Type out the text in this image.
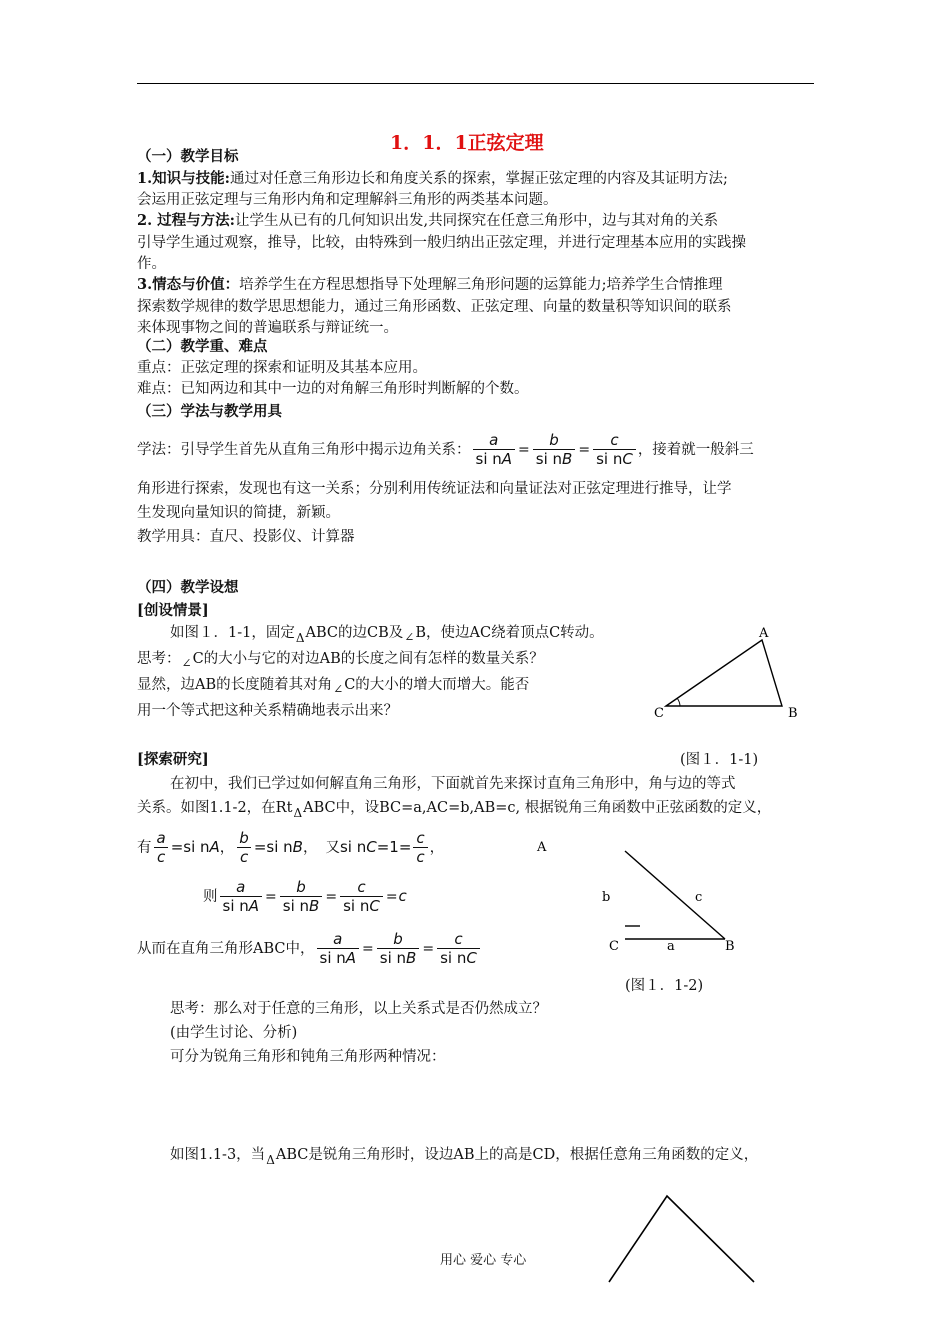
1．1．1正弦定理
（一）教学目标
1.知识与技能:通过对任意三角形边长和角度关系的探索，掌握正弦定理的内容及其证明方法;
会运用正弦定理与三角形内角和定理解斜三角形的两类基本问题。
2. 过程与方法:让学生从已有的几何知识出发,共同探究在任意三角形中，边与其对角的关系
引导学生通过观察，推导，比较，由特殊到一般归纳出正弦定理，并进行定理基本应用的实践操
作。
3.情态与价值：培养学生在方程思想指导下处理解三角形问题的运算能力;培养学生合情推理
探索数学规律的数学思思想能力，通过三角形函数、正弦定理、向量的数量积等知识间的联系
来体现事物之间的普遍联系与辩证统一。
（二）教学重、难点
重点：正弦定理的探索和证明及其基本应用。
难点：已知两边和其中一边的对角解三角形时判断解的个数。
（三）学法与教学用具
学法：引导学生首先从直角三角形中揭示边角关系： $\frac{a}{\text{si nA}} = \frac{b}{\text{si nB}} = \frac{c}{\text{si nC}}$ ，接着就一般斜三
角形进行探索，发现也有这一关系；分别利用传统证法和向量证法对正弦定理进行推导，让学
生发现向量知识的简捷，新颖。
教学用具：直尺、投影仪、计算器
（四）教学设想
[创设情景]
如图１．1-1，固定$_\Delta$ABC的边CB及$_\angle$B，使边AC绕着顶点C转动。
思考：$_\angle$C的大小与它的对边AB的长度之间有怎样的数量关系？
显然，边AB的长度随着其对角$_\angle$C的大小的增大而增大。能否
用一个等式把这种关系精确地表示出来？
A
B
C
[探索研究]	(图１．1-1)
在初中，我们已学过如何解直角三角形，下面就首先来探讨直角三角形中，角与边的等式
关系。如图1.1-2，在$Rt_\Delta ABC$中，设BC=a,AC=b,AB=c, 根据锐角三角函数中正弦函数的定义，
有 $\frac{a}{c} =si$ nA， $\frac{b}{c} =si$ nB， 又si $nC=1= \frac{c}{c}$ ，
则 $\frac{a}{\text{si nA}} = \frac{b}{\text{si nB}} = \frac{c}{\text{si nC}} =c$
从而在直角三角形ABC中， $\frac{a}{\text{si nA}} = \frac{b}{\text{si nB}} = \frac{c}{\text{si nC}}$
A
B
C	a
b	c
(图１．1-2)
思考：那么对于任意的三角形，以上关系式是否仍然成立？
(由学生讨论、分析)
可分为锐角三角形和钝角三角形两种情况：
如图1.1-3，当$_\Delta$ABC是锐角三角形时，设边AB上的高是CD，根据任意角三角函数的定义，
用心 爱心 专心
